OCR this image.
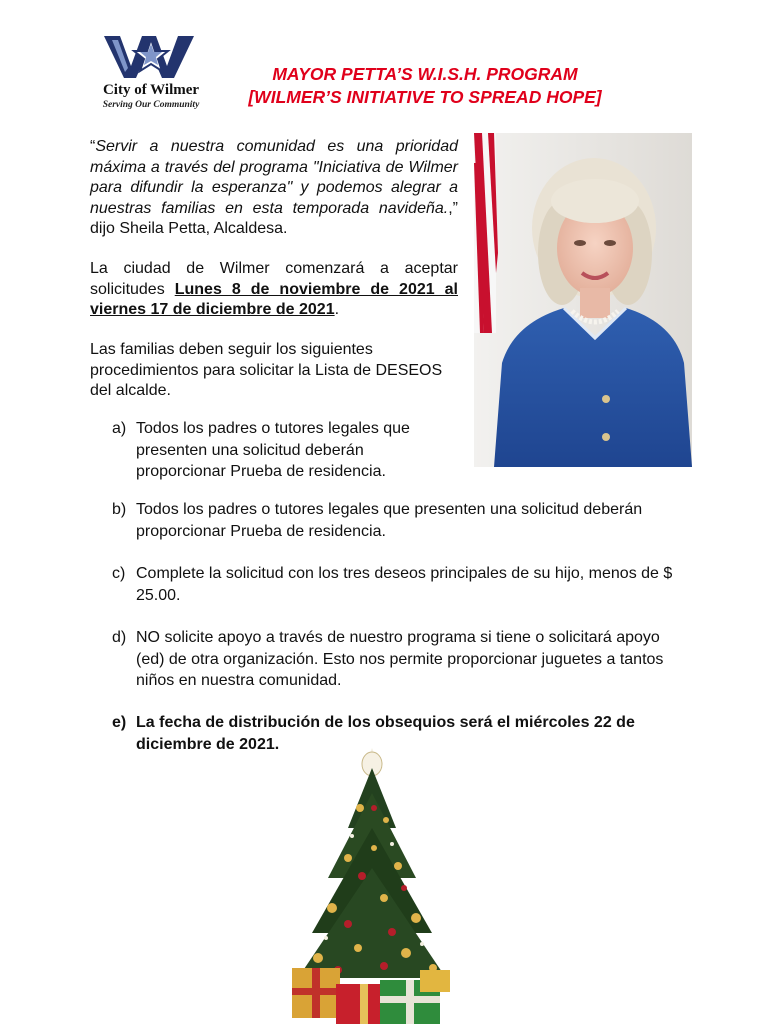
City of Wilmer
Serving Our Community
MAYOR PETTA’S W.I.S.H. PROGRAM
[WILMER’S INITIATIVE TO SPREAD HOPE]
“Servir a nuestra comunidad es una prioridad máxima a través del programa "Iniciativa de Wilmer para difundir la esperanza" y podemos alegrar a nuestras familias en esta temporada navideña.,” dijo Sheila Petta, Alcaldesa.
La ciudad de Wilmer comenzará a aceptar solicitudes Lunes 8 de noviembre de 2021 al viernes 17 de diciembre de 2021.
Las familias deben seguir los siguientes procedimientos para solicitar la Lista de DESEOS del alcalde.
a) Todos los padres o tutores legales que presenten una solicitud deberán proporcionar Prueba de residencia.
b) Todos los padres o tutores legales que presenten una solicitud deberán proporcionar Prueba de residencia.
c) Complete la solicitud con los tres deseos principales de su hijo, menos de $ 25.00.
d) NO solicite apoyo a través de nuestro programa si tiene o solicitará apoyo (ed) de otra organización. Esto nos permite proporcionar juguetes a tantos niños en nuestra comunidad.
e) La fecha de distribución de los obsequios será el miércoles 22 de diciembre de 2021.
